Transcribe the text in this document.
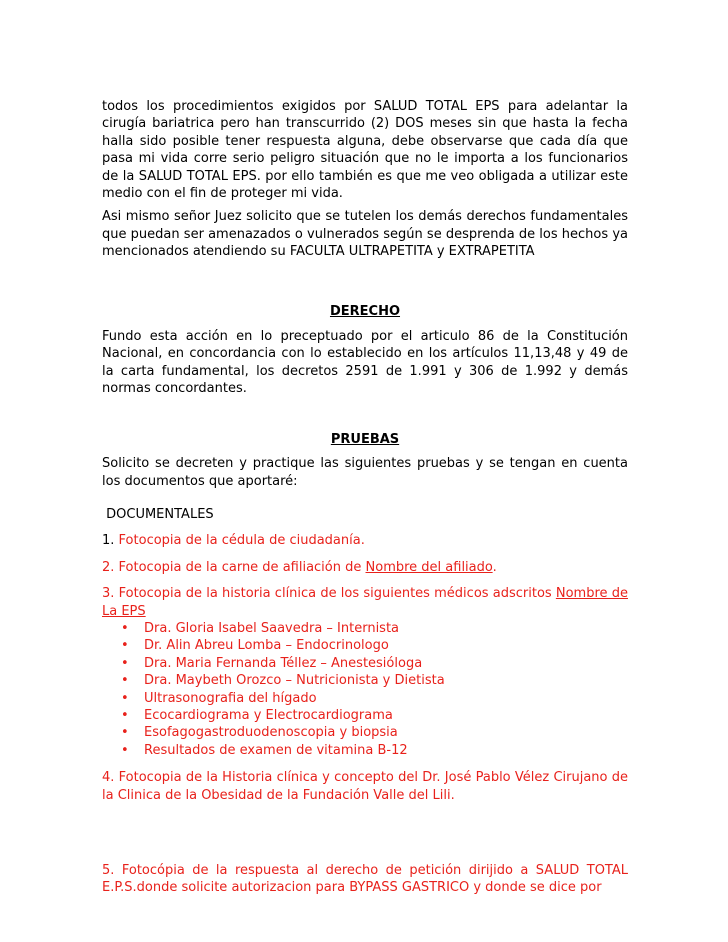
todos los procedimientos exigidos por SALUD TOTAL EPS para adelantar la cirugía bariatrica pero han transcurrido (2) DOS meses sin que hasta la fecha halla sido posible tener respuesta alguna, debe observarse que cada día que pasa mi vida corre serio peligro situación que no le importa a los funcionarios de la SALUD TOTAL EPS. por ello también es que me veo obligada a utilizar este medio con el fin de proteger mi vida.

Asi mismo señor Juez solicito que se tutelen los demás derechos fundamentales que puedan ser amenazados o vulnerados según se desprenda de los hechos ya mencionados atendiendo su FACULTA ULTRAPETITA y EXTRAPETITA

DERECHO

Fundo esta acción en lo preceptuado por el articulo 86 de la Constitución Nacional, en concordancia con lo establecido en los artículos 11,13,48 y 49 de la carta fundamental, los decretos 2591 de 1.991 y 306 de 1.992 y demás normas concordantes.

PRUEBAS

Solicito se decreten y practique las siguientes pruebas y se tengan en cuenta los documentos que aportaré:

DOCUMENTALES

1. Fotocopia de la cédula de ciudadanía.

2. Fotocopia de la carne de afiliación de Nombre del afiliado.

3. Fotocopia de la historia clínica de los siguientes médicos adscritos Nombre de La EPS

• Dra. Gloria Isabel Saavedra – Internista
• Dr. Alin Abreu Lomba – Endocrinologo
• Dra. Maria Fernanda Téllez – Anestesióloga
• Dra. Maybeth Orozco – Nutricionista y Dietista
• Ultrasonografia del hígado
• Ecocardiograma y Electrocardiograma
• Esofagogastroduodenoscopia y biopsia
• Resultados de examen de vitamina B-12

4. Fotocopia de la Historia clínica y concepto del Dr. José Pablo Vélez Cirujano de la Clinica de la Obesidad de la Fundación Valle del Lili.

5. Fotocópia de la respuesta al derecho de petición dirijido a SALUD TOTAL E.P.S.donde solicite autorizacion para BYPASS GASTRICO y donde se dice por
